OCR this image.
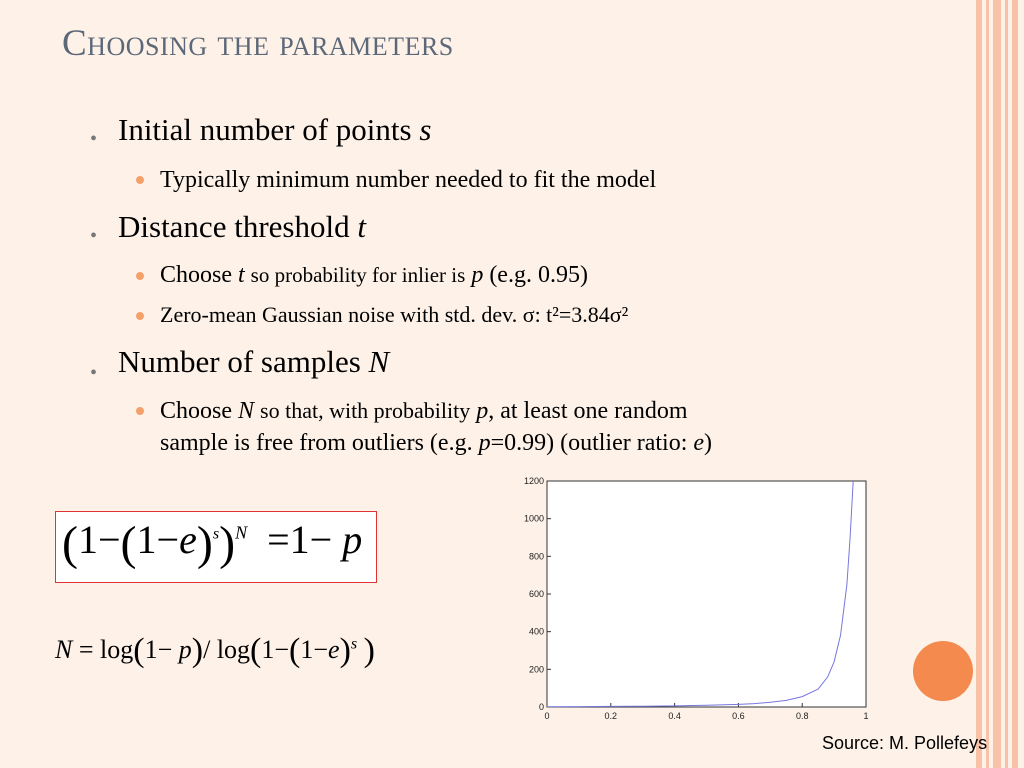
Choosing the parameters
• Initial number of points s
Typically minimum number needed to fit the model
• Distance threshold t
Choose t so probability for inlier is p (e.g. 0.95)
Zero-mean Gaussian noise with std. dev. σ: t²=3.84σ²
• Number of samples N
Choose N so that, with probability p, at least one random
sample is free from outliers (e.g. p=0.99) (outlier ratio: e)
$(1-(1-e)^s)^N =1- p$
N = log(1− p)/ $\log(1-(1-e)^s$ )
0	0.2	0.4	0.6	0.8	1
0
200
400
600
800
1000
1200
Source: M. Pollefeys
